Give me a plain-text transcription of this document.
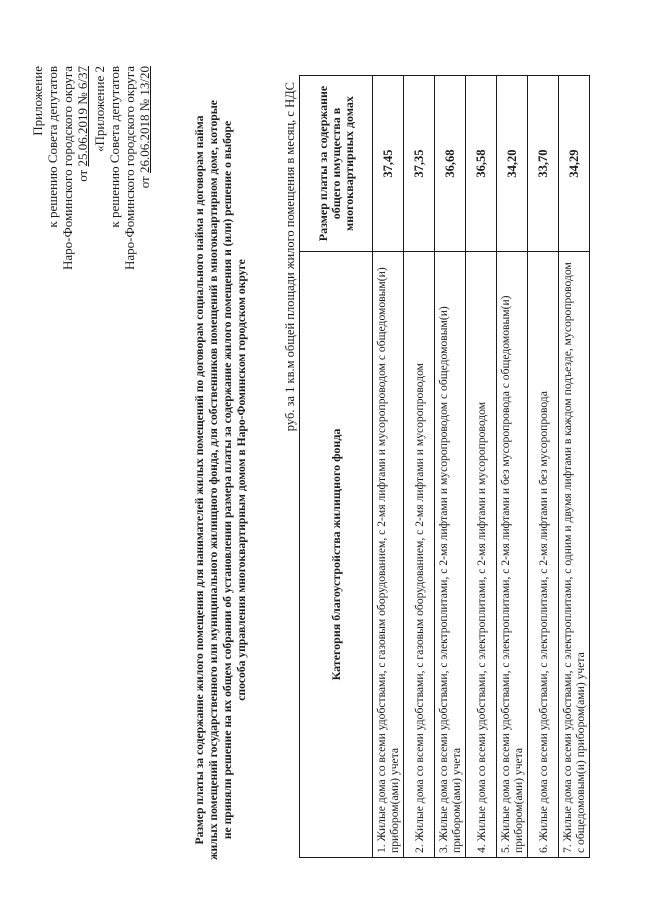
Приложение к решению Совета депутатов Наро-Фоминского городского округа от 25.06.2019 № 6/37 «Приложение 2 к решению Совета депутатов Наро-Фоминского городского округа от 26.06.2018 № 13/20	Размер платы за содержание жилого помещения для нанимателей жилых помещений по договорам социального найма и договорам найма жилых помещений государственного или муниципального жилищного фонда, для собственников помещений в многоквартирном доме, которые не приняли решение на их общем собрании об установлении размера платы за содержание жилого помещения и (или) решение о выборе способа управления многоквартирным домом в Наро-Фоминском городском округе
руб. за 1 кв.м общей площади жилого помещения в месяц, с НДС
Категория благоустройства жилищного фонда	Размер платы за содержание общего имущества в многоквартирных домах
1. Жилые дома со всеми удобствами, с газовым оборудованием, с 2-мя лифтами и мусоропроводом с общедомовым(и) прибором(ами) учета	37,45
2. Жилые дома со всеми удобствами, с газовым оборудованием, с 2-мя лифтами и мусоропроводом	37,35
3. Жилые дома со всеми удобствами, с электроплитами, с 2-мя лифтами и мусоропроводом с общедомовым(и) прибором(ами) учета	36,68
4. Жилые дома со всеми удобствами, с электроплитами, с 2-мя лифтами и мусоропроводом	36,58
5. Жилые дома со всеми удобствами, с электроплитами, с 2-мя лифтами и без мусоропровода с общедомовым(и) прибором(ами) учета	34,20
6. Жилые дома со всеми удобствами, с электроплитами, с 2-мя лифтами и без мусоропровода	33,70
7. Жилые дома со всеми удобствами, с электроплитами, с одним и двумя лифтами в каждом подъезде, мусоропроводом с общедомовым(и) прибором(ами) учета	34,29
